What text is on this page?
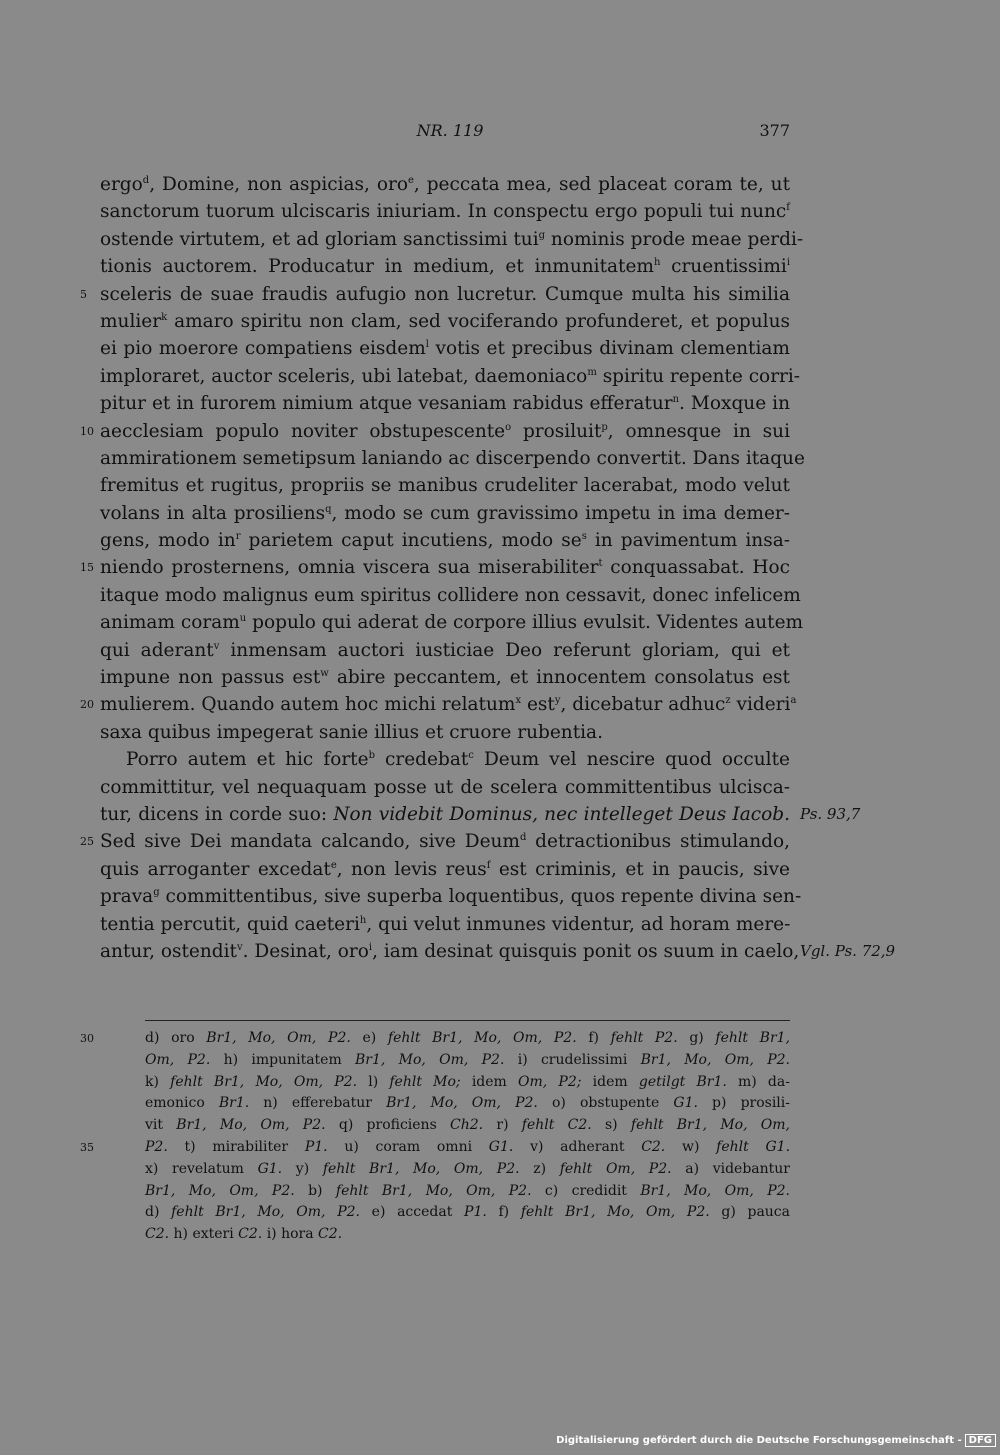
NR. 119	377
ergo$^d$, Domine, non aspicias, oro$^e$, peccata mea, sed placeat coram te, ut
sanctorum tuorum ulciscaris iniuriam. In conspectu ergo populi tui nunc$^f$
ostende virtutem, et ad gloriam sanctissimi tui$^g$ nominis prode meae perdi-
tionis auctorem. Producatur in medium, et inmunitatem$^h$ cruentissimi$^i$
sceleris de suae fraudis aufugio non lucretur. Cumque multa his similia
5
mulier$^k$ amaro spiritu non clam, sed vociferando profunderet, et populus
ei pio moerore compatiens eisdem$^l$ votis et precibus divinam clementiam
imploraret, auctor sceleris, ubi latebat, daemoniaco$^m$ spiritu repente corri-
pitur et in furorem nimium atque vesaniam rabidus efferatur$^n$. Moxque in
aecclesiam populo noviter obstupescente$^o$ prosiluit$^p$, omnesque in sui
10
ammirationem semetipsum laniando ac discerpendo convertit. Dans itaque
fremitus et rugitus, propriis se manibus crudeliter lacerabat, modo velut
volans in alta prosiliens$^q$, modo se cum gravissimo impetu in ima demer-
gens, modo $in^r$ parietem caput incutiens, modo $se^s$ in pavimentum insa-
niendo prosternens, omnia viscera sua miserabiliter$^t$ conquassabat. Hoc
15
itaque modo malignus eum spiritus collidere non cessavit, donec infelicem
animam coram$^u$ populo qui aderat de corpore illius evulsit. Videntes autem
qui aderant$^v$ inmensam auctori iusticiae Deo referunt gloriam, qui et
impune non passus est$^w$ abire peccantem, et innocentem consolatus est
mulierem. Quando autem hoc michi relatum$^x$ est$^y$, dicebatur adhuc$^z$ videri$^a$
20
saxa quibus impegerat sanie illius et cruore rubentia.
Porro autem et hic forte$^b$ credebat$^c$ Deum vel nescire quod occulte
committitur, vel nequaquam posse ut de scelera committentibus ulcisca-
tur, dicens in corde suo: Non videbit Dominus, nec intelleget Deus Iacob. Ps. 93,7
Sed sive Dei mandata calcando, sive Deum$^d$ detractionibus stimulando,
25
quis arroganter excedat$^e$, non levis reus$^f$ est criminis, et in paucis, sive
prava$^g$ committentibus, sive superba loquentibus, quos repente divina sen-
tentia percutit, quid caeteri$^h$, qui velut inmunes videntur, ad horam mere-
antur, ostendit$^v$. Desinat, oro$^i$, iam desinat quisquis ponit os suum in caelo, Vgl. Ps. 72,9
d) oro Br1, Mo, Om, P2. e) fehlt Br1, Mo, Om, P2. f) fehlt P2. g) fehlt Br1,
30
Om, P2. h) impunitatem Br1, Mo, Om, P2. i) crudelissimi Br1, Mo, Om, P2.
k) fehlt Br1, Mo, Om, P2. l) fehlt Mo; idem Om, P2; idem getilgt Br1. m) da-
emonico Br1. n) efferebatur Br1, Mo, Om, P2. o) obstupente G1. p) prosili-
vit Br1, Mo, Om, P2. q) proficiens Ch2. r) fehlt C2. s) fehlt Br1, Mo, Om,
P2. t) mirabiliter P1. u) coram omni G1. v) adherant C2. w) fehlt G1.
35
x) revelatum G1. y) fehlt Br1, Mo, Om, P2. z) fehlt Om, P2. a) videbantur
Br1, Mo, Om, P2. b) fehlt Br1, Mo, Om, P2. c) credidit Br1, Mo, Om, P2.
d) fehlt Br1, Mo, Om, P2. e) accedat P1. f) fehlt Br1, Mo, Om, P2. g) pauca
C2. h) exteri C2. i) hora C2.
Digitalisierung gefördert durch die Deutsche Forschungsgemeinschaft - DFG
